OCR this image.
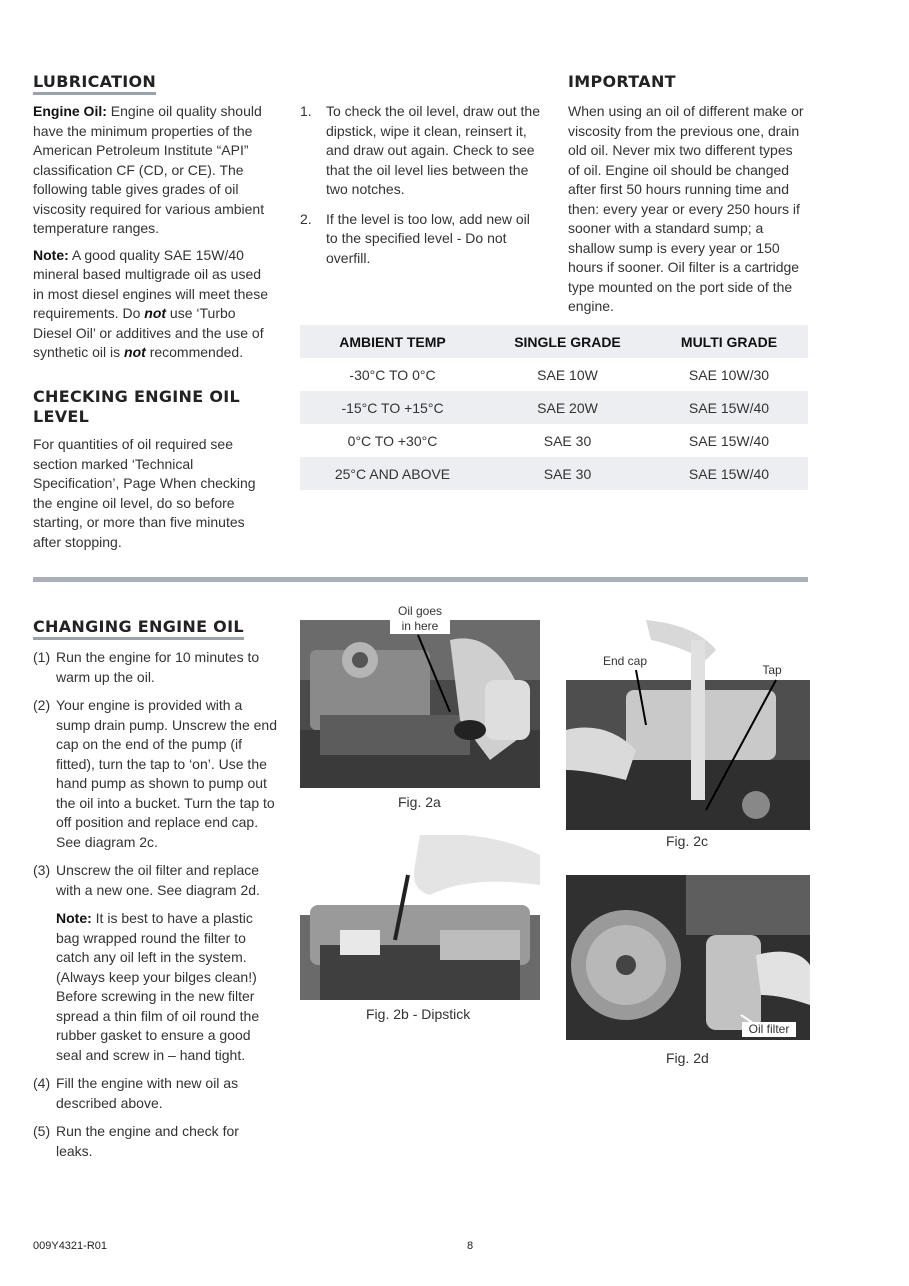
LUBRICATION

Engine Oil: Engine oil quality should have the minimum properties of the American Petroleum Institute “API” classification CF (CD, or CE). The following table gives grades of oil viscosity required for various ambient temperature ranges.

Note: A good quality SAE 15W/40 mineral based multigrade oil as used in most diesel engines will meet these requirements. Do not use ‘Turbo Diesel Oil’ or additives and the use of synthetic oil is not recommended.

CHECKING ENGINE OIL LEVEL

For quantities of oil required see section marked ‘Technical Specification’, Page When checking the engine oil level, do so before starting, or more than five minutes after stopping.

1.	To check the oil level, draw out the dipstick, wipe it clean, reinsert it, and draw out again. Check to see that the oil level lies between the two notches.
2.	If the level is too low, add new oil to the specified level - Do not overfill.
IMPORTANT

When using an oil of different make or viscosity from the previous one, drain old oil. Never mix two different types of oil. Engine oil should be changed after first 50 hours running time and then: every year or every 250 hours if sooner with a standard sump; a shallow sump is every year or 150 hours if sooner. Oil filter is a cartridge type mounted on the port side of the engine.

AMBIENT TEMP	SINGLE GRADE	MULTI GRADE
-30°C TO 0°C	SAE 10W	SAE 10W/30
-15°C TO +15°C	SAE 20W	SAE 15W/40
0°C TO +30°C	SAE 30	SAE 15W/40
25°C AND ABOVE	SAE 30	SAE 15W/40
CHANGING ENGINE OIL
(1) Run the engine for 10 minutes to warm up the oil.
(2) Your engine is provided with a sump drain pump. Unscrew the end cap on the end of the pump (if fitted), turn the tap to ‘on’. Use the hand pump as shown to pump out the oil into a bucket. Turn the tap to off position and replace end cap. See diagram 2c.
(3) Unscrew the oil filter and replace with a new one. See diagram 2d.

Note: It is best to have a plastic bag wrapped round the filter to catch any oil left in the system. (Always keep your bilges clean!) Before screwing in the new filter spread a thin film of oil round the rubber gasket to ensure a good seal and screw in – hand tight.

(4) Fill the engine with new oil as described above.
(5) Run the engine and check for leaks.
Oil goes
in here
Fig. 2a
Fig. 2b - Dipstick
End cap
Tap
Fig. 2c
Oil filter
Fig. 2d
009Y4321-R01	8
